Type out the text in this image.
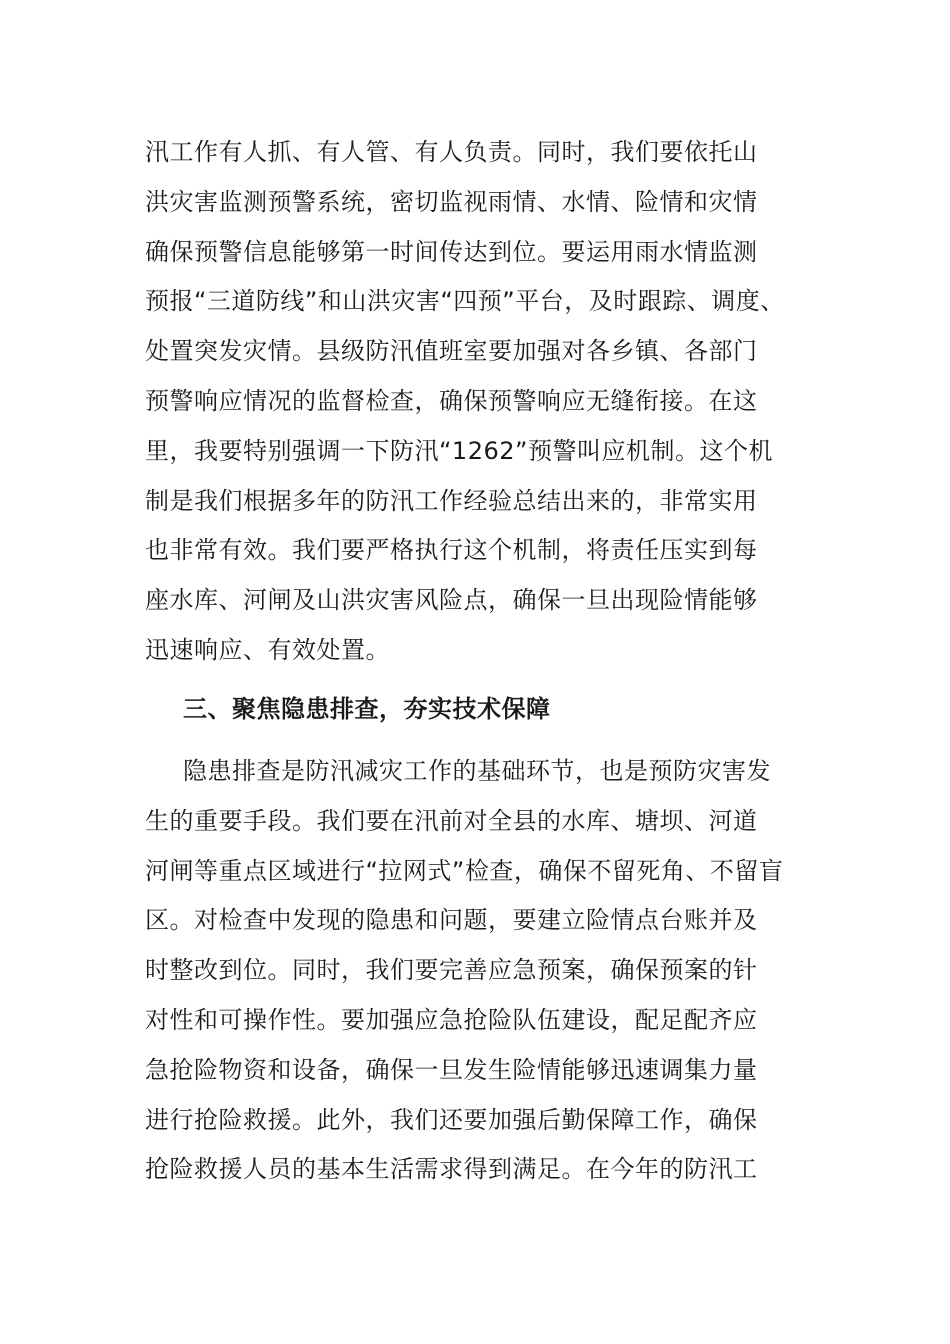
汛工作有人抓、有人管、有人负责。同时，我们要依托山
洪灾害监测预警系统，密切监视雨情、水情、险情和灾情
确保预警信息能够第一时间传达到位。要运用雨水情监测
预报“三道防线”和山洪灾害“四预”平台，及时跟踪、调度、
处置突发灾情。县级防汛值班室要加强对各乡镇、各部门
预警响应情况的监督检查，确保预警响应无缝衔接。在这
里，我要特别强调一下防汛“1262”预警叫应机制。这个机
制是我们根据多年的防汛工作经验总结出来的，非常实用
也非常有效。我们要严格执行这个机制，将责任压实到每
座水库、河闸及山洪灾害风险点，确保一旦出现险情能够
迅速响应、有效处置。
三、聚焦隐患排查，夯实技术保障
隐患排查是防汛减灾工作的基础环节，也是预防灾害发
生的重要手段。我们要在汛前对全县的水库、塘坝、河道
河闸等重点区域进行“拉网式”检查，确保不留死角、不留盲
区。对检查中发现的隐患和问题，要建立险情点台账并及
时整改到位。同时，我们要完善应急预案，确保预案的针
对性和可操作性。要加强应急抢险队伍建设，配足配齐应
急抢险物资和设备，确保一旦发生险情能够迅速调集力量
进行抢险救援。此外，我们还要加强后勤保障工作，确保
抢险救援人员的基本生活需求得到满足。在今年的防汛工
